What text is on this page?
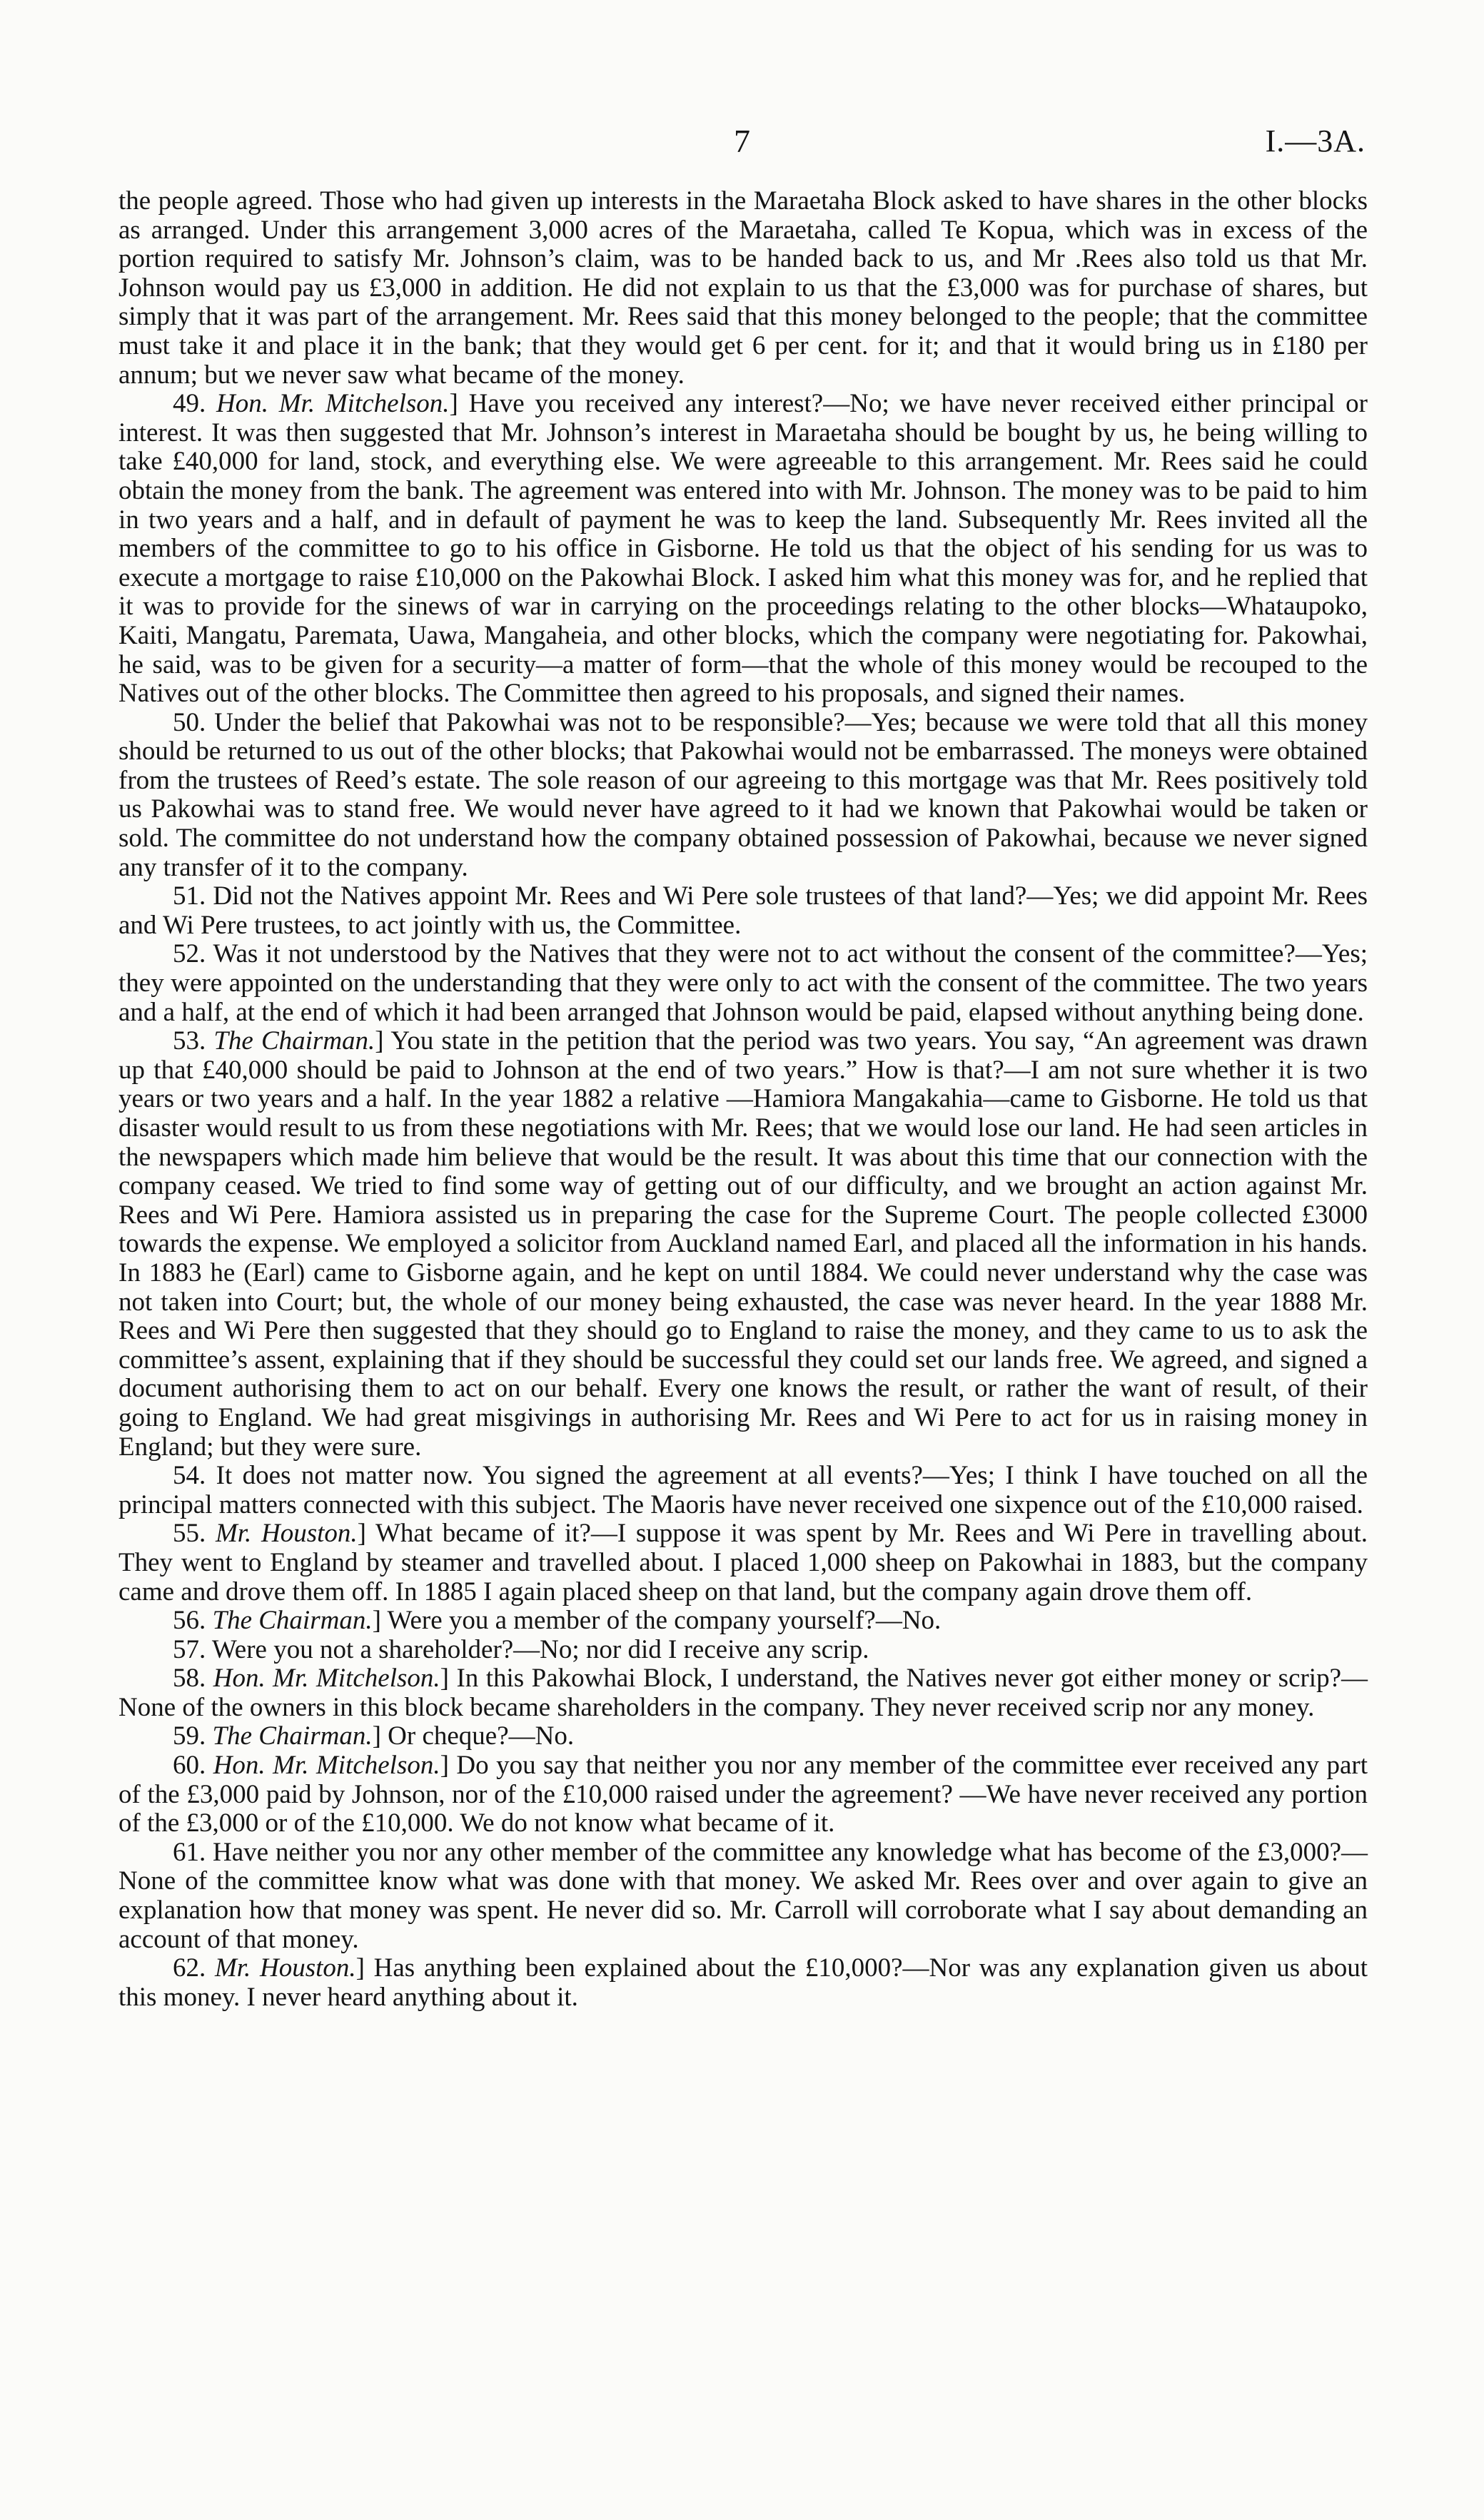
7	I.—3A.

the people agreed. Those who had given up interests in the Maraetaha Block asked to have shares in the other blocks as arranged. Under this arrangement 3,000 acres of the Maraetaha, called Te Kopua, which was in excess of the portion required to satisfy Mr. Johnson’s claim, was to be handed back to us, and Mr .Rees also told us that Mr. Johnson would pay us £3,000 in addition. He did not explain to us that the £3,000 was for purchase of shares, but simply that it was part of the arrangement. Mr. Rees said that this money belonged to the people; that the committee must take it and place it in the bank; that they would get 6 per cent. for it; and that it would bring us in £180 per annum; but we never saw what became of the money.

49. Hon. Mr. Mitchelson.] Have you received any interest?—No; we have never received either principal or interest. It was then suggested that Mr. Johnson’s interest in Maraetaha should be bought by us, he being willing to take £40,000 for land, stock, and everything else. We were agreeable to this arrangement. Mr. Rees said he could obtain the money from the bank. The agreement was entered into with Mr. Johnson. The money was to be paid to him in two years and a half, and in default of payment he was to keep the land. Subsequently Mr. Rees invited all the members of the committee to go to his office in Gisborne. He told us that the object of his sending for us was to execute a mortgage to raise £10,000 on the Pakowhai Block. I asked him what this money was for, and he replied that it was to provide for the sinews of war in carrying on the proceedings relating to the other blocks—Whataupoko, Kaiti, Mangatu, Paremata, Uawa, Mangaheia, and other blocks, which the company were negotiating for. Pakowhai, he said, was to be given for a security—a matter of form—that the whole of this money would be recouped to the Natives out of the other blocks. The Committee then agreed to his proposals, and signed their names.

50. Under the belief that Pakowhai was not to be responsible?—Yes; because we were told that all this money should be returned to us out of the other blocks; that Pakowhai would not be embarrassed. The moneys were obtained from the trustees of Reed’s estate. The sole reason of our agreeing to this mortgage was that Mr. Rees positively told us Pakowhai was to stand free. We would never have agreed to it had we known that Pakowhai would be taken or sold. The committee do not understand how the company obtained possession of Pakowhai, because we never signed any transfer of it to the company.

51. Did not the Natives appoint Mr. Rees and Wi Pere sole trustees of that land?—Yes; we did appoint Mr. Rees and Wi Pere trustees, to act jointly with us, the Committee.

52. Was it not understood by the Natives that they were not to act without the consent of the committee?—Yes; they were appointed on the understanding that they were only to act with the consent of the committee. The two years and a half, at the end of which it had been arranged that Johnson would be paid, elapsed without anything being done.

53. The Chairman.] You state in the petition that the period was two years. You say, “An agreement was drawn up that £40,000 should be paid to Johnson at the end of two years.” How is that?—I am not sure whether it is two years or two years and a half. In the year 1882 a relative —Hamiora Mangakahia—came to Gisborne. He told us that disaster would result to us from these negotiations with Mr. Rees; that we would lose our land. He had seen articles in the newspapers which made him believe that would be the result. It was about this time that our connection with the company ceased. We tried to find some way of getting out of our difficulty, and we brought an action against Mr. Rees and Wi Pere. Hamiora assisted us in preparing the case for the Supreme Court. The people collected £3000 towards the expense. We employed a solicitor from Auckland named Earl, and placed all the information in his hands. In 1883 he (Earl) came to Gisborne again, and he kept on until 1884. We could never understand why the case was not taken into Court; but, the whole of our money being exhausted, the case was never heard. In the year 1888 Mr. Rees and Wi Pere then suggested that they should go to England to raise the money, and they came to us to ask the committee’s assent, explaining that if they should be successful they could set our lands free. We agreed, and signed a document authorising them to act on our behalf. Every one knows the result, or rather the want of result, of their going to England. We had great misgivings in authorising Mr. Rees and Wi Pere to act for us in raising money in England; but they were sure.

54. It does not matter now. You signed the agreement at all events?—Yes; I think I have touched on all the principal matters connected with this subject. The Maoris have never received one sixpence out of the £10,000 raised.

55. Mr. Houston.] What became of it?—I suppose it was spent by Mr. Rees and Wi Pere in travelling about. They went to England by steamer and travelled about. I placed 1,000 sheep on Pakowhai in 1883, but the company came and drove them off. In 1885 I again placed sheep on that land, but the company again drove them off.

56. The Chairman.] Were you a member of the company yourself?—No.

57. Were you not a shareholder?—No; nor did I receive any scrip.

58. Hon. Mr. Mitchelson.] In this Pakowhai Block, I understand, the Natives never got either money or scrip?—None of the owners in this block became shareholders in the company. They never received scrip nor any money.

59. The Chairman.] Or cheque?—No.

60. Hon. Mr. Mitchelson.] Do you say that neither you nor any member of the committee ever received any part of the £3,000 paid by Johnson, nor of the £10,000 raised under the agreement? —We have never received any portion of the £3,000 or of the £10,000. We do not know what became of it.

61. Have neither you nor any other member of the committee any knowledge what has become of the £3,000?—None of the committee know what was done with that money. We asked Mr. Rees over and over again to give an explanation how that money was spent. He never did so. Mr. Carroll will corroborate what I say about demanding an account of that money.

62. Mr. Houston.] Has anything been explained about the £10,000?—Nor was any explanation given us about this money. I never heard anything about it.
